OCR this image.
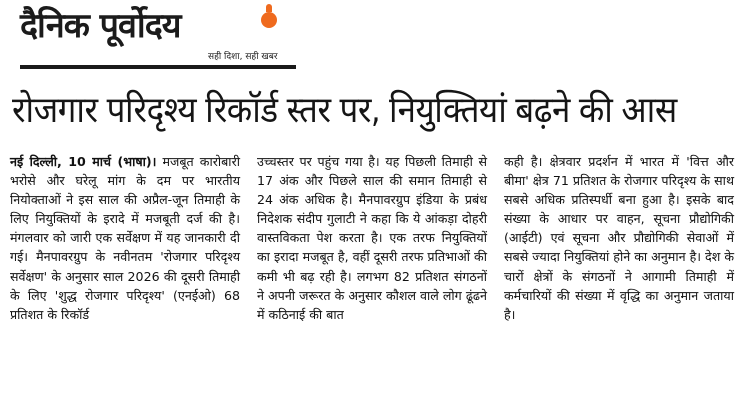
दैनिक पूर्वोदय
सही दिशा, सही खबर
रोजगार परिदृश्य रिकॉर्ड स्तर पर, नियुक्तियां बढ़ने की आस

नई दिल्ली, 10 मार्च (भाषा)। मजबूत कारोबारी भरोसे और घरेलू मांग के दम पर भारतीय नियोक्ताओं ने इस साल की अप्रैल-जून तिमाही के लिए नियुक्तियों के इरादे में मजबूती दर्ज की है। मंगलवार को जारी एक सर्वेक्षण में यह जानकारी दी गई। मैनपावरग्रुप के नवीनतम 'रोजगार परिदृश्य सर्वेक्षण' के अनुसार साल 2026 की दूसरी तिमाही के लिए 'शुद्ध रोजगार परिदृश्य' (एनईओ) 68 प्रतिशत के रिकॉर्ड

उच्चस्तर पर पहुंच गया है। यह पिछली तिमाही से 17 अंक और पिछले साल की समान तिमाही से 24 अंक अधिक है। मैनपावरग्रुप इंडिया के प्रबंध निदेशक संदीप गुलाटी ने कहा कि ये आंकड़ा दोहरी वास्तविकता पेश करता है। एक तरफ नियुक्तियों का इरादा मजबूत है, वहीं दूसरी तरफ प्रतिभाओं की कमी भी बढ़ रही है। लगभग 82 प्रतिशत संगठनों ने अपनी जरूरत के अनुसार कौशल वाले लोग ढूंढने में कठिनाई की बात

कही है। क्षेत्रवार प्रदर्शन में भारत में 'वित्त और बीमा' क्षेत्र 71 प्रतिशत के रोजगार परिदृश्य के साथ सबसे अधिक प्रतिस्पर्धी बना हुआ है। इसके बाद संख्या के आधार पर वाहन, सूचना प्रौद्योगिकी (आईटी) एवं सूचना और प्रौद्योगिकी सेवाओं में सबसे ज्यादा नियुक्तियां होने का अनुमान है। देश के चारों क्षेत्रों के संगठनों ने आगामी तिमाही में कर्मचारियों की संख्या में वृद्धि का अनुमान जताया है।
